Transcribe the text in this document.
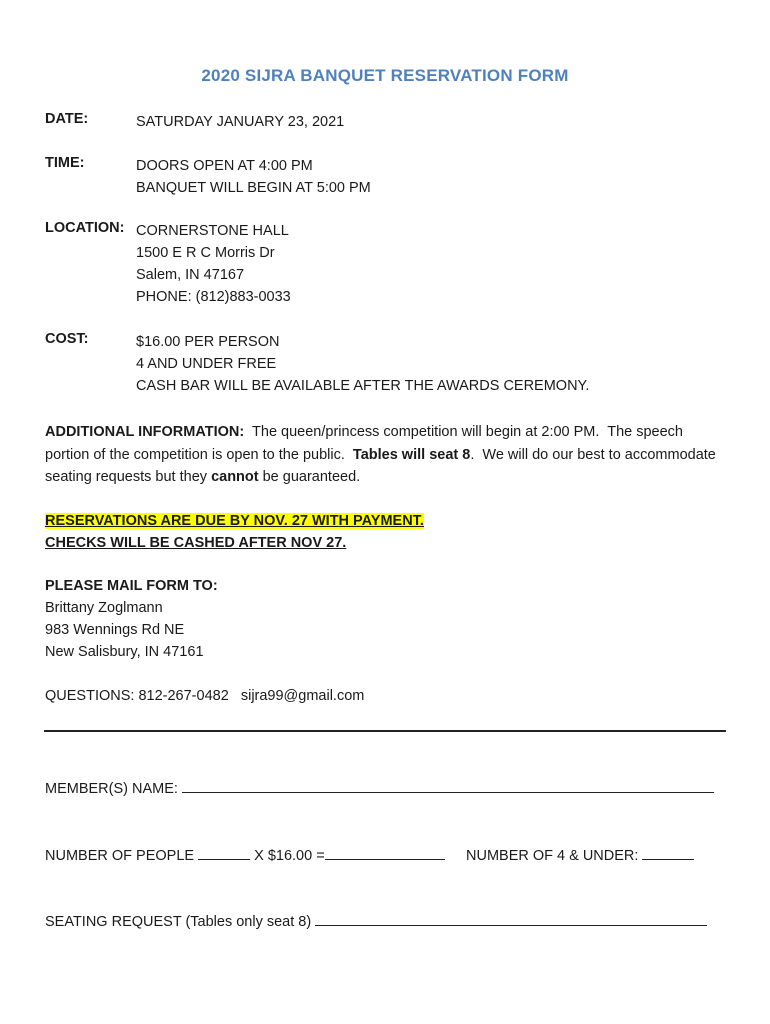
2020 SIJRA BANQUET RESERVATION FORM
DATE:	SATURDAY JANUARY 23, 2021
TIME:	DOORS OPEN AT 4:00 PM
BANQUET WILL BEGIN AT 5:00 PM
LOCATION: CORNERSTONE HALL
1500 E R C Morris Dr
Salem, IN 47167
PHONE: (812)883-0033
COST:	$16.00 PER PERSON
4 AND UNDER FREE
CASH BAR WILL BE AVAILABLE AFTER THE AWARDS CEREMONY.
ADDITIONAL INFORMATION:  The queen/princess competition will begin at 2:00 PM.  The speech portion of the competition is open to the public.  Tables will seat 8.  We will do our best to accommodate seating requests but they cannot be guaranteed.
RESERVATIONS ARE DUE BY NOV. 27 WITH PAYMENT.
CHECKS WILL BE CASHED AFTER NOV 27.
PLEASE MAIL FORM TO:
Brittany Zoglmann
983 Wennings Rd NE
New Salisbury, IN 47161
QUESTIONS: 812-267-0482   sijra99@gmail.com
MEMBER(S) NAME:
NUMBER OF PEOPLE	X $16.00 =	NUMBER OF 4 & UNDER:
SEATING REQUEST (Tables only seat 8)
